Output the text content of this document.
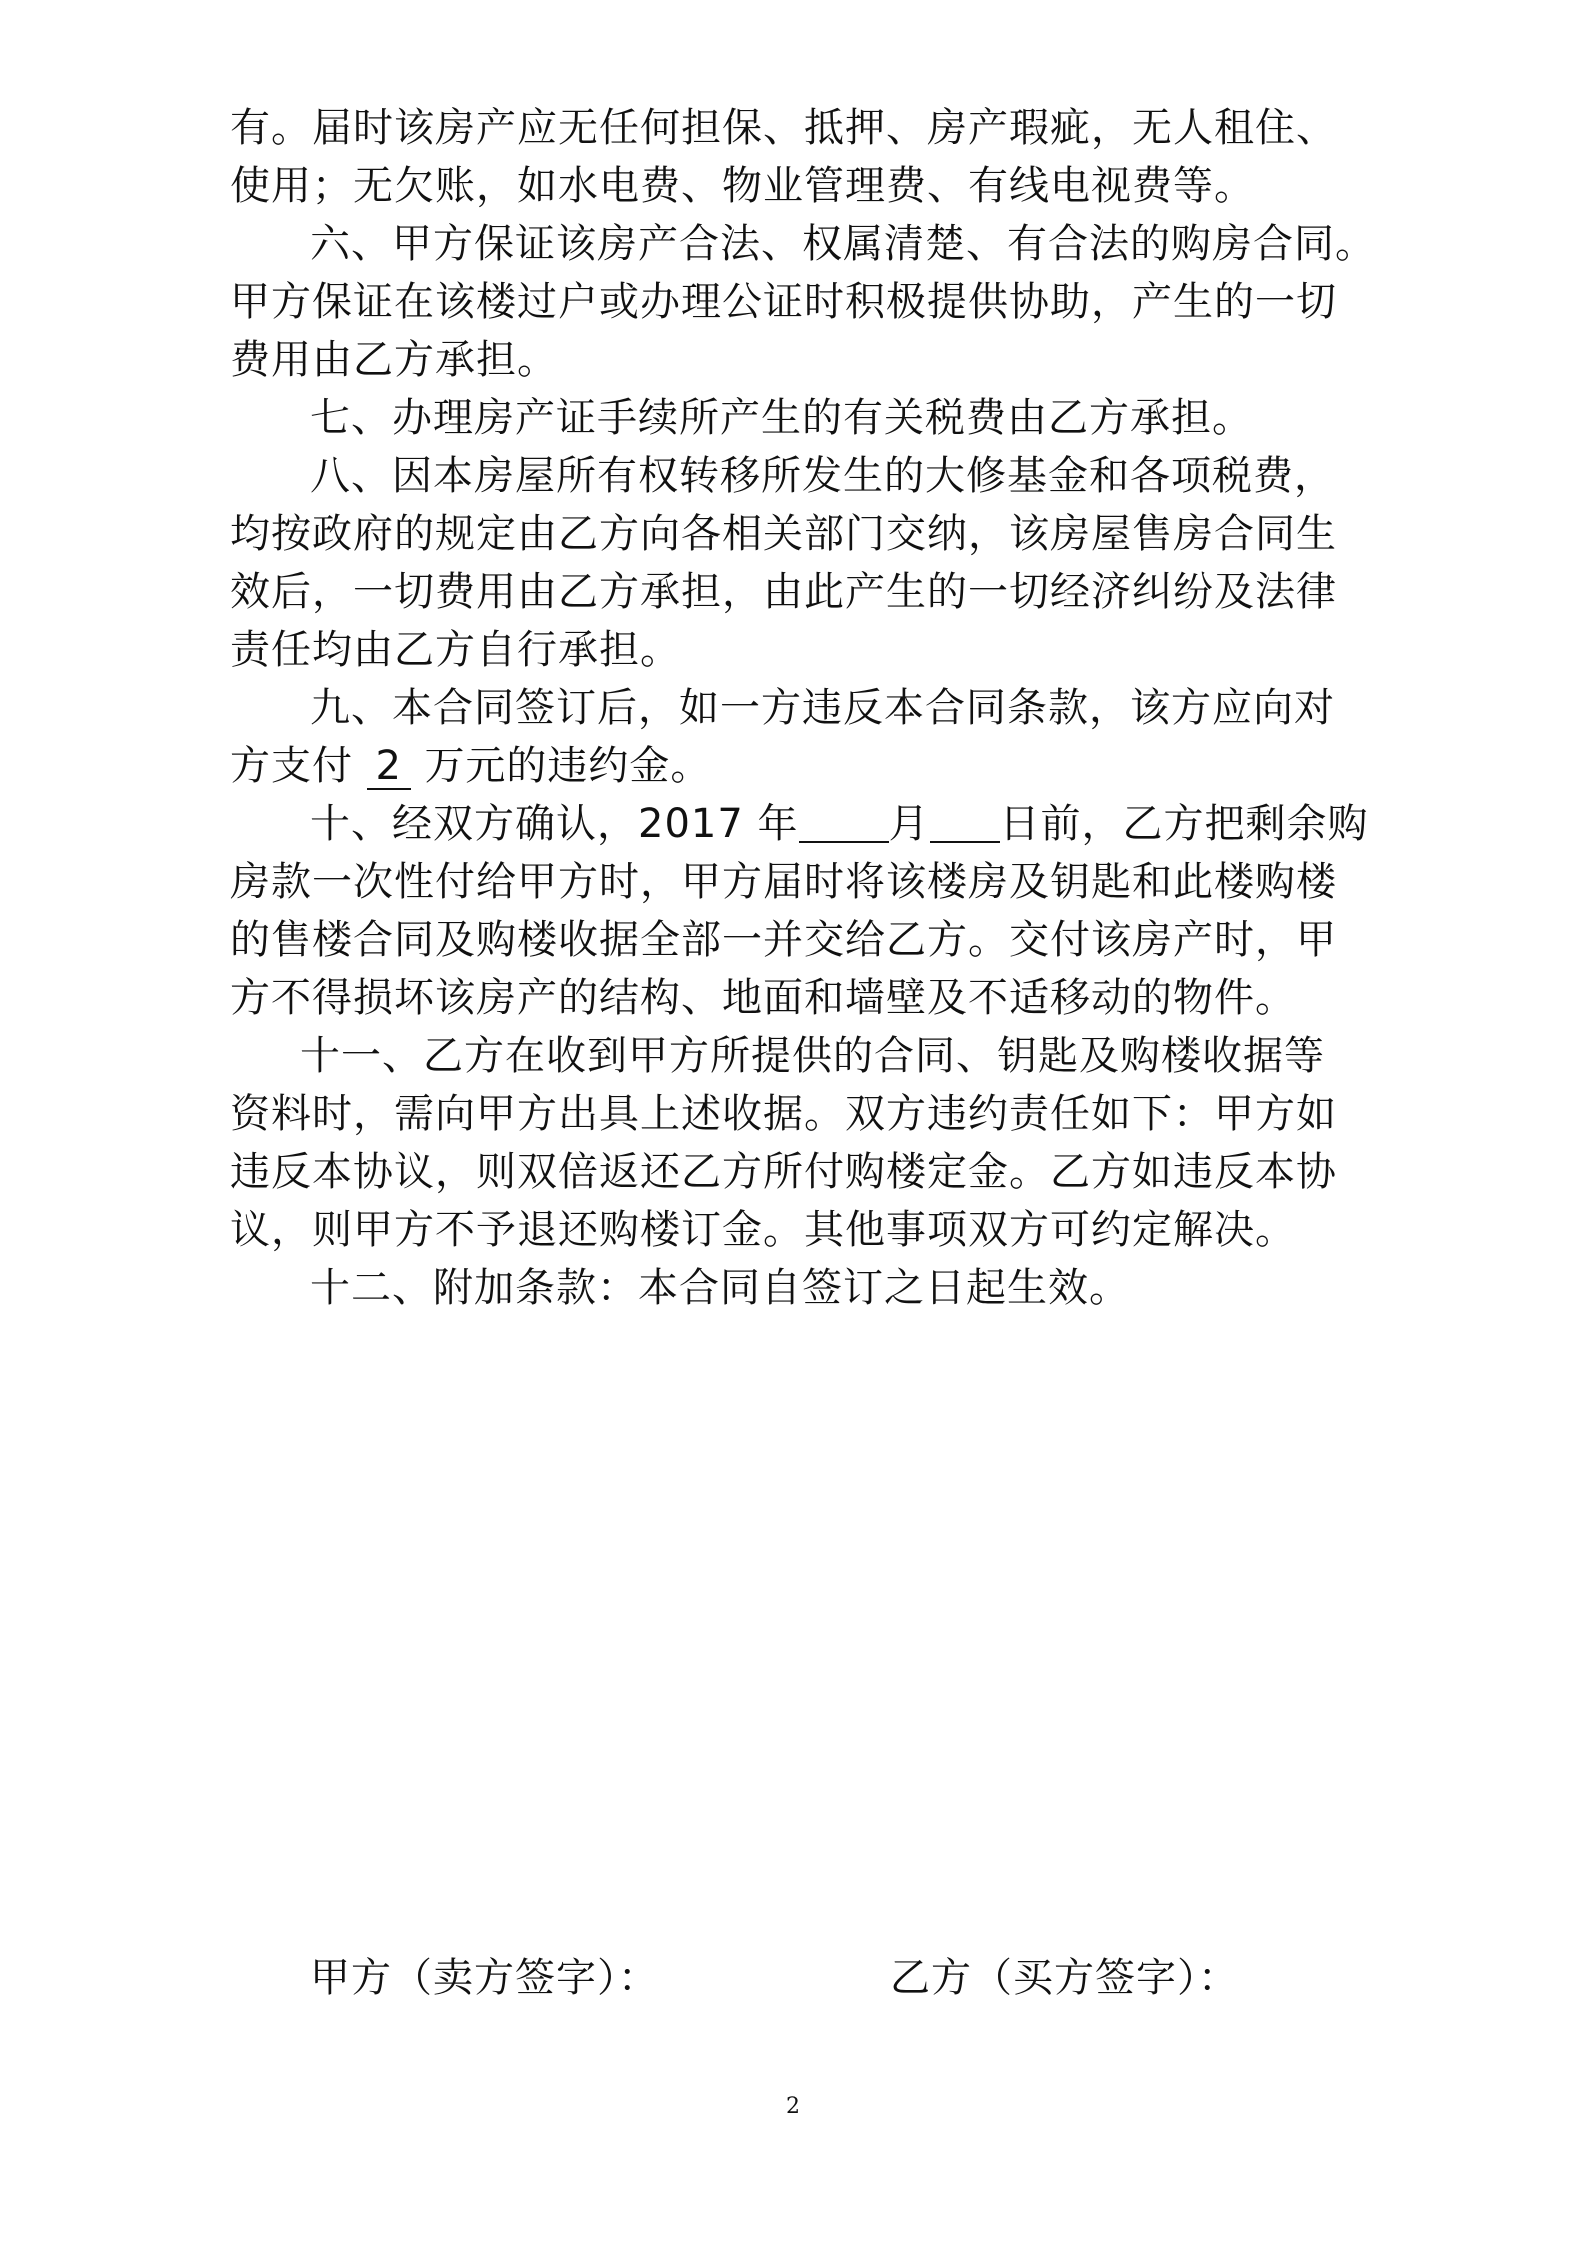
有。届时该房产应无任何担保、抵押、房产瑕疵，无人租住、
使用；无欠账，如水电费、物业管理费、有线电视费等。
六、甲方保证该房产合法、权属清楚、有合法的购房合同。
甲方保证在该楼过户或办理公证时积极提供协助，产生的一切
费用由乙方承担。
七、办理房产证手续所产生的有关税费由乙方承担。
八、因本房屋所有权转移所发生的大修基金和各项税费，
均按政府的规定由乙方向各相关部门交纳，该房屋售房合同生
效后，一切费用由乙方承担，由此产生的一切经济纠纷及法律
责任均由乙方自行承担。
九、本合同签订后，如一方违反本合同条款，该方应向对
方支付 2 万元的违约金。
十、经双方确认，2017 年 月 日前，乙方把剩余购
房款一次性付给甲方时，甲方届时将该楼房及钥匙和此楼购楼
的售楼合同及购楼收据全部一并交给乙方。交付该房产时，甲
方不得损坏该房产的结构、地面和墙壁及不适移动的物件。
十一、乙方在收到甲方所提供的合同、钥匙及购楼收据等
资料时，需向甲方出具上述收据。双方违约责任如下：甲方如
违反本协议，则双倍返还乙方所付购楼定金。乙方如违反本协
议，则甲方不予退还购楼订金。其他事项双方可约定解决。
十二、附加条款：本合同自签订之日起生效。
甲方（卖方签字）：	乙方（买方签字）：
2
